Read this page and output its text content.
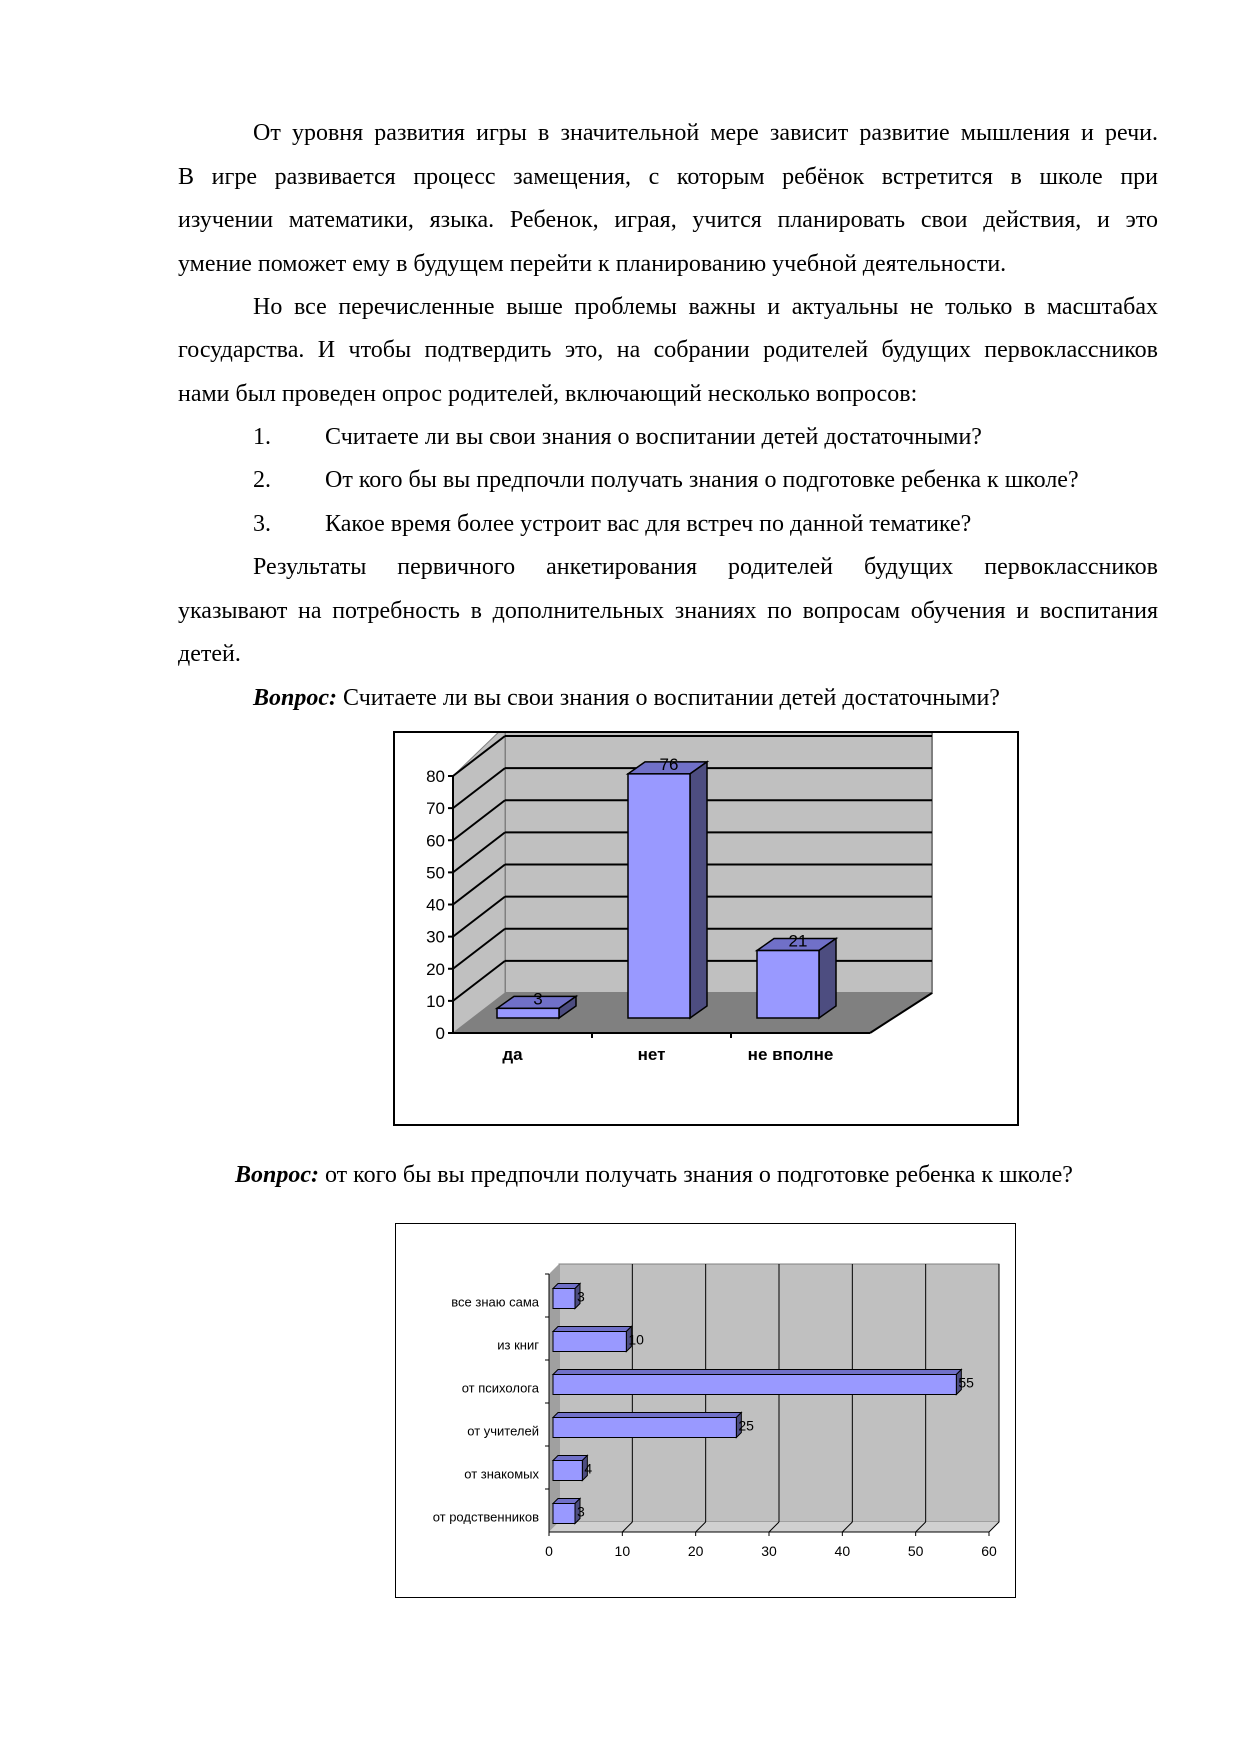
От уровня развития игры в значительной мере зависит развитие мышления и речи.
В игре развивается процесс замещения, с которым ребёнок встретится в школе при
изучении математики, языка. Ребенок, играя, учится планировать свои действия, и это
умение поможет ему в будущем перейти к планированию учебной деятельности.
Но все перечисленные выше проблемы важны и актуальны не только в масштабах
государства. И чтобы подтвердить это, на собрании родителей будущих первоклассников
нами был проведен опрос родителей, включающий несколько вопросов:
1. Считаете ли вы свои знания о воспитании детей достаточными?
2. От кого бы вы предпочли получать знания о подготовке ребенка к школе?
3. Какое время более устроит вас для встреч по данной тематике?
Результаты первичного анкетирования родителей будущих первоклассников
указывают на потребность в дополнительных знаниях по вопросам обучения и воспитания
детей.
Вопрос: Считаете ли вы свои знания о воспитании детей достаточными?
0
10
20
30
40
50
60
70
80
3
да
76
нет
21
не вполне
Вопрос: от кого бы вы предпочли получать знания о подготовке ребенка к школе?
0	10	20	30	40	50	60
3
все знаю сама
10
из книг
55
от психолога
25
от учителей
4
от знакомых
3
от родственников
